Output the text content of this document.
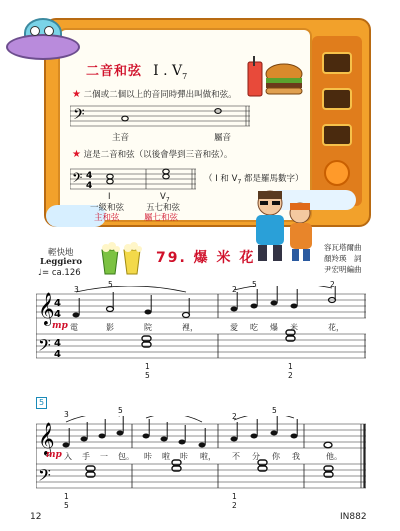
二音和弦 I . $V_7$
★ 二個或二個以上的音同時彈出叫做和弦。
𝄢
主音	屬音
★ 這是二音和弦（以後會學到三音和弦）。
𝄢 4
4
（ I 和 $V_7$ 都是羅馬數字）
I	$V_7$
一級和弦	五七和弦
主和弦	屬七和弦
輕快地
Leggiero
♩= ca.126
79. 爆 米 花
容瓦塔爾曲
顏羚瑛　詞
尹宏明編曲
𝄞
𝄢
4
4
4
4
3
5
2
5	2
1
5
1
2
mp 電	影	院	裡，	愛 吃 爆 米	花，
5
𝄞
𝄢
3	5
2
5
1
5
1
2
mp 入 手 一 包。 咔 啦 咔 啦， 不 分 你 我	他。
12	IN882
